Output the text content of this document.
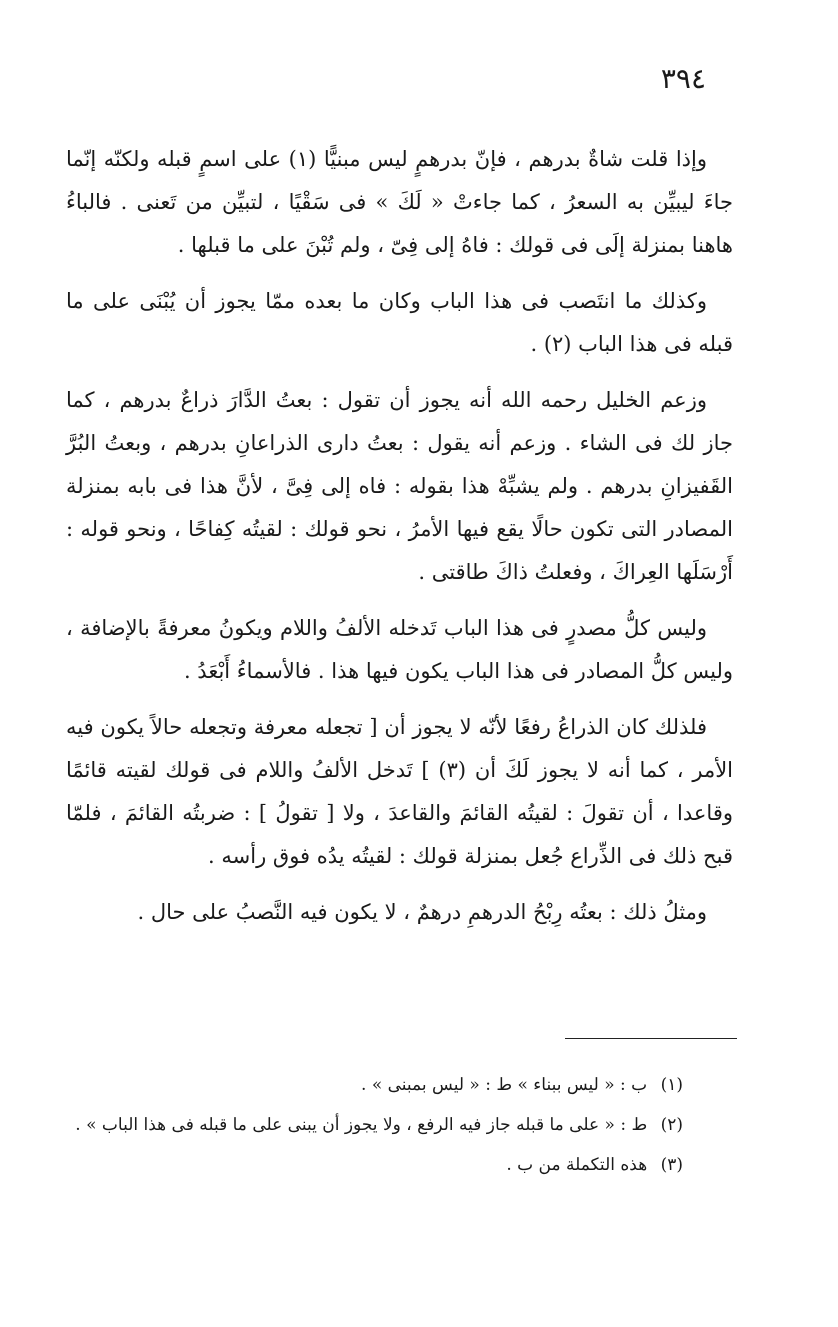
٣٩٤

وإذا قلت شاةٌ بدرهم ، فإنّ بدرهمٍ ليس مبنيًّا (١) على اسمٍ قبله ولكنّه إنّما جاءَ ليبيِّن به السعرُ ، كما جاءتْ « لَكَ » فى سَقْيًا ، لتبيِّن من تَعنى . فالباءُ هاهنا بمنزلة إلَى فى قولك : فاهُ إلى فِىّ ، ولم تُبْنَ على ما قبلها .

وكذلك ما انتَصب فى هذا الباب وكان ما بعده ممّا يجوز أن يُبْنَى على ما قبله فى هذا الباب (٢) .

وزعم الخليل رحمه الله أنه يجوز أن تقول : بعتُ الدَّارَ ذراعٌ بدرهم ، كما جاز لك فى الشاء . وزعم أنه يقول : بعتُ دارى الذراعانِ بدرهم ، وبعتُ البُرَّ القَفيزانِ بدرهم . ولم يشبِّهْ هذا بقوله : فاه إلى فِىَّ ، لأنَّ هذا فى بابه بمنزلة المصادر التى تكون حالًا يقع فيها الأمرُ ، نحو قولك : لقيتُه كِفاحًا ، ونحو قوله : أَرْسَلَها العِراكَ ، وفعلتُ ذاكَ طاقتى .

وليس كلُّ مصدرٍ فى هذا الباب تَدخله الألفُ واللام ويكونُ معرفةً بالإضافة ، وليس كلُّ المصادر فى هذا الباب يكون فيها هذا . فالأسماءُ أَبْعَدُ .

فلذلك كان الذراعُ رفعًا لأنّه لا يجوز أن [ تجعله معرفة وتجعله حالاً يكون فيه الأمر ، كما أنه لا يجوز لَكَ أن (٣) ] تَدخل الألفُ واللام فى قولك لقيته قائمًا وقاعدا ، أن تقولَ : لقيتُه القائمَ والقاعدَ ، ولا [ تقولُ ] : ضربتُه القائمَ ، فلمّا قبح ذلك فى الذِّراع جُعل بمنزلة قولك : لقيتُه يدُه فوق رأسه .

ومثلُ ذلك : بعتُه رِبْحُ الدرهمِ درهمٌ ، لا يكون فيه النَّصبُ على حال .

(١) ب : « ليس ببناء » ط : « ليس بمبنى » .
(٢) ط : « على ما قبله جاز فيه الرفع ، ولا يجوز أن يبنى على ما قبله فى هذا الباب » .
(٣) هذه التكملة من ب .
